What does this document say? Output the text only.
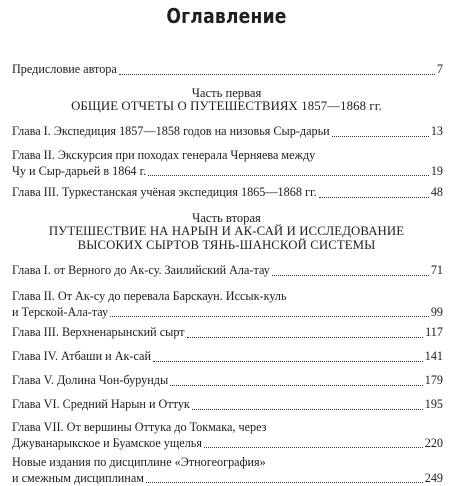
Оглавление
Предисловие автора	7
Часть первая
ОБЩИЕ ОТЧЕТЫ О ПУТЕШЕСТВИЯХ 1857—1868 гг.
Глава I. Экспедиция 1857—1858 годов на низовья Сыр-дарьи	13
Глава II. Экскурсия при походах генерала Черняева между
Чу и Сыр-дарьей в 1864 г.	19
Глава III. Туркестанская учёная экспедиция 1865—1868 гг.	48
Часть вторая
ПУТЕШЕСТВИЕ НА НАРЫН И АК-САЙ И ИССЛЕДОВАНИЕ
ВЫСОКИХ СЫРТОВ ТЯНЬ-ШАНСКОЙ СИСТЕМЫ
Глава I. от Верного до Ак-су. Заилийский Ала-тау	71
Глава II. От Ак-су до перевала Барскаун. Иссык-куль
и Терской-Ала-тау	99
Глава III. Верхненарынский сырт	117
Глава IV. Атбаши и Ак-сай	141
Глава V. Долина Чон-бурунды	179
Глава VI. Средний Нарын и Оттук	195
Глава VII. От вершины Оттука до Токмака, через
Джуванарыкское и Буамское ущелья	220
Новые издания по дисциплине «Этногеография»
и смежным дисциплинам	249
